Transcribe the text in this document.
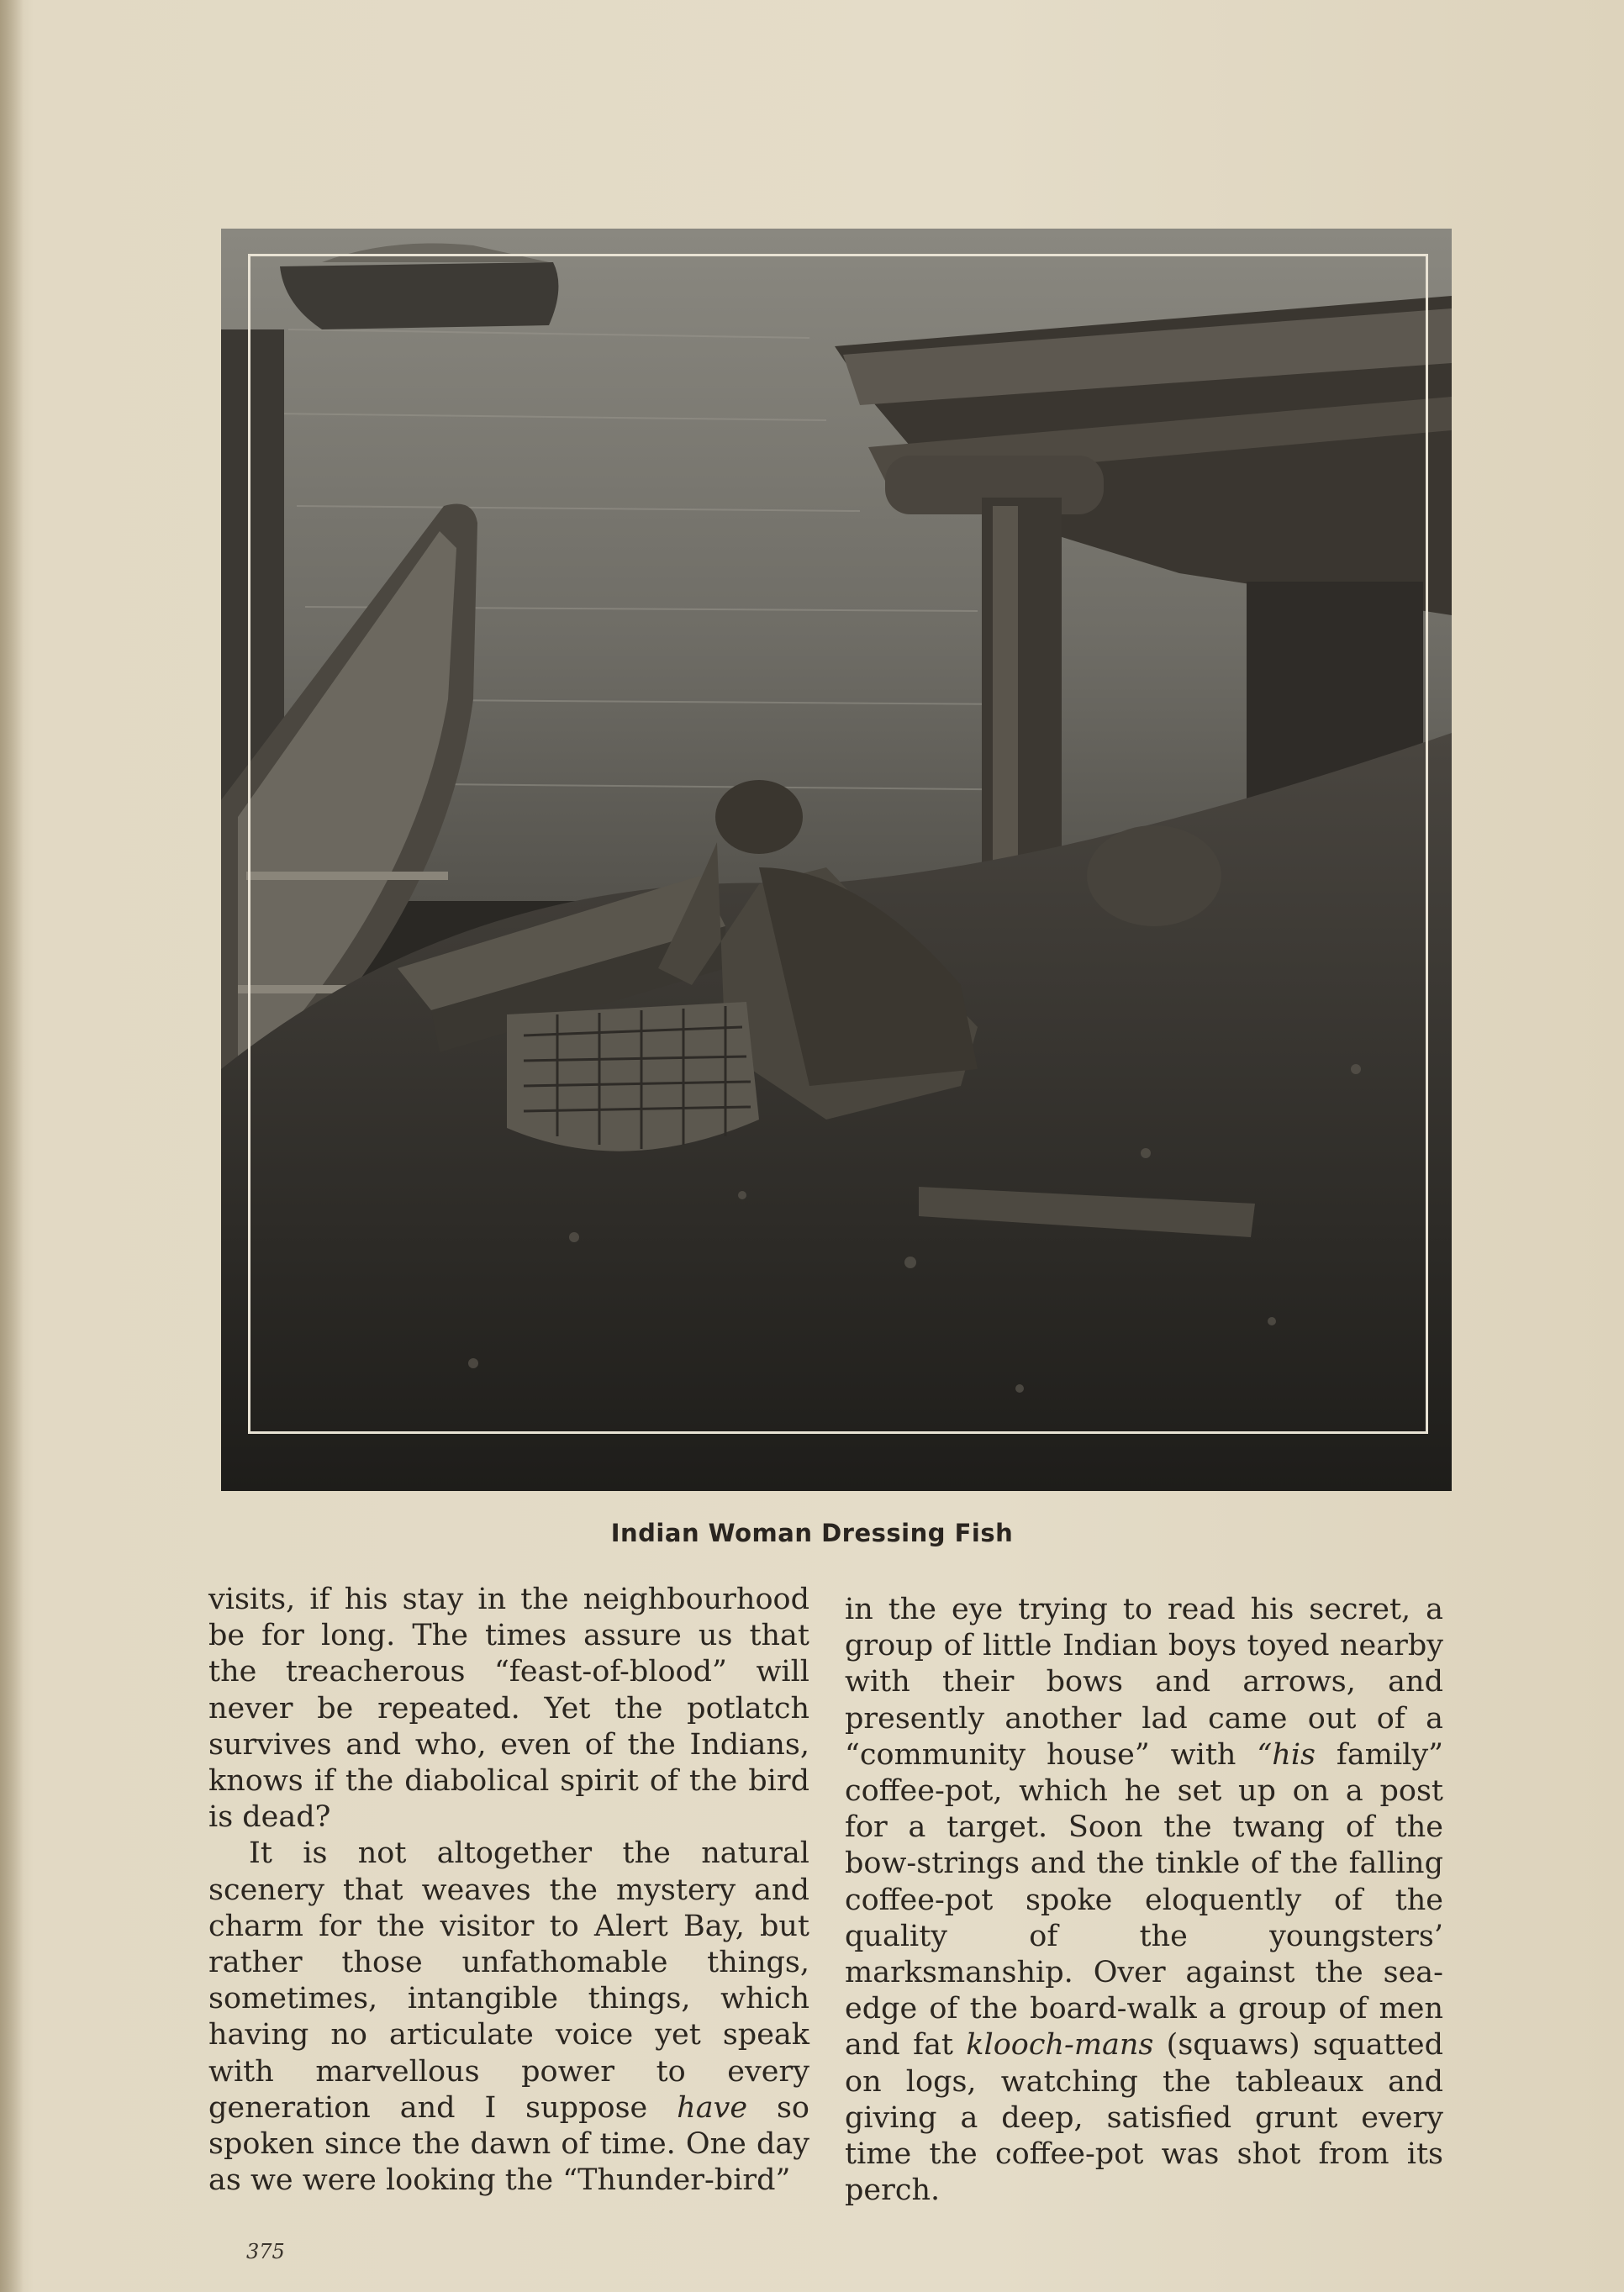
Indian Woman Dressing Fish

visits, if his stay in the neighbourhood be for long. The times assure us that the treacherous “feast-of-blood” will never be repeated. Yet the potlatch survives and who, even of the Indians, knows if the diabolical spirit of the bird is dead?

It is not altogether the natural scenery that weaves the mystery and charm for the visitor to Alert Bay, but rather those unfathomable things, sometimes, intangible things, which having no articulate voice yet speak with marvellous power to every generation and I suppose have so spoken since the dawn of time. One day as we were looking the “Thunder-bird”

in the eye trying to read his secret, a group of little Indian boys toyed nearby with their bows and arrows, and presently another lad came out of a “community house” with “his family” coffee-pot, which he set up on a post for a target. Soon the twang of the bow-strings and the tinkle of the falling coffee-pot spoke eloquently of the quality of the youngsters’ marksmanship. Over against the sea-edge of the board-walk a group of men and fat klooch-mans (squaws) squatted on logs, watching the tableaux and giving a deep, satisfied grunt every time the coffee-pot was shot from its perch.

375
